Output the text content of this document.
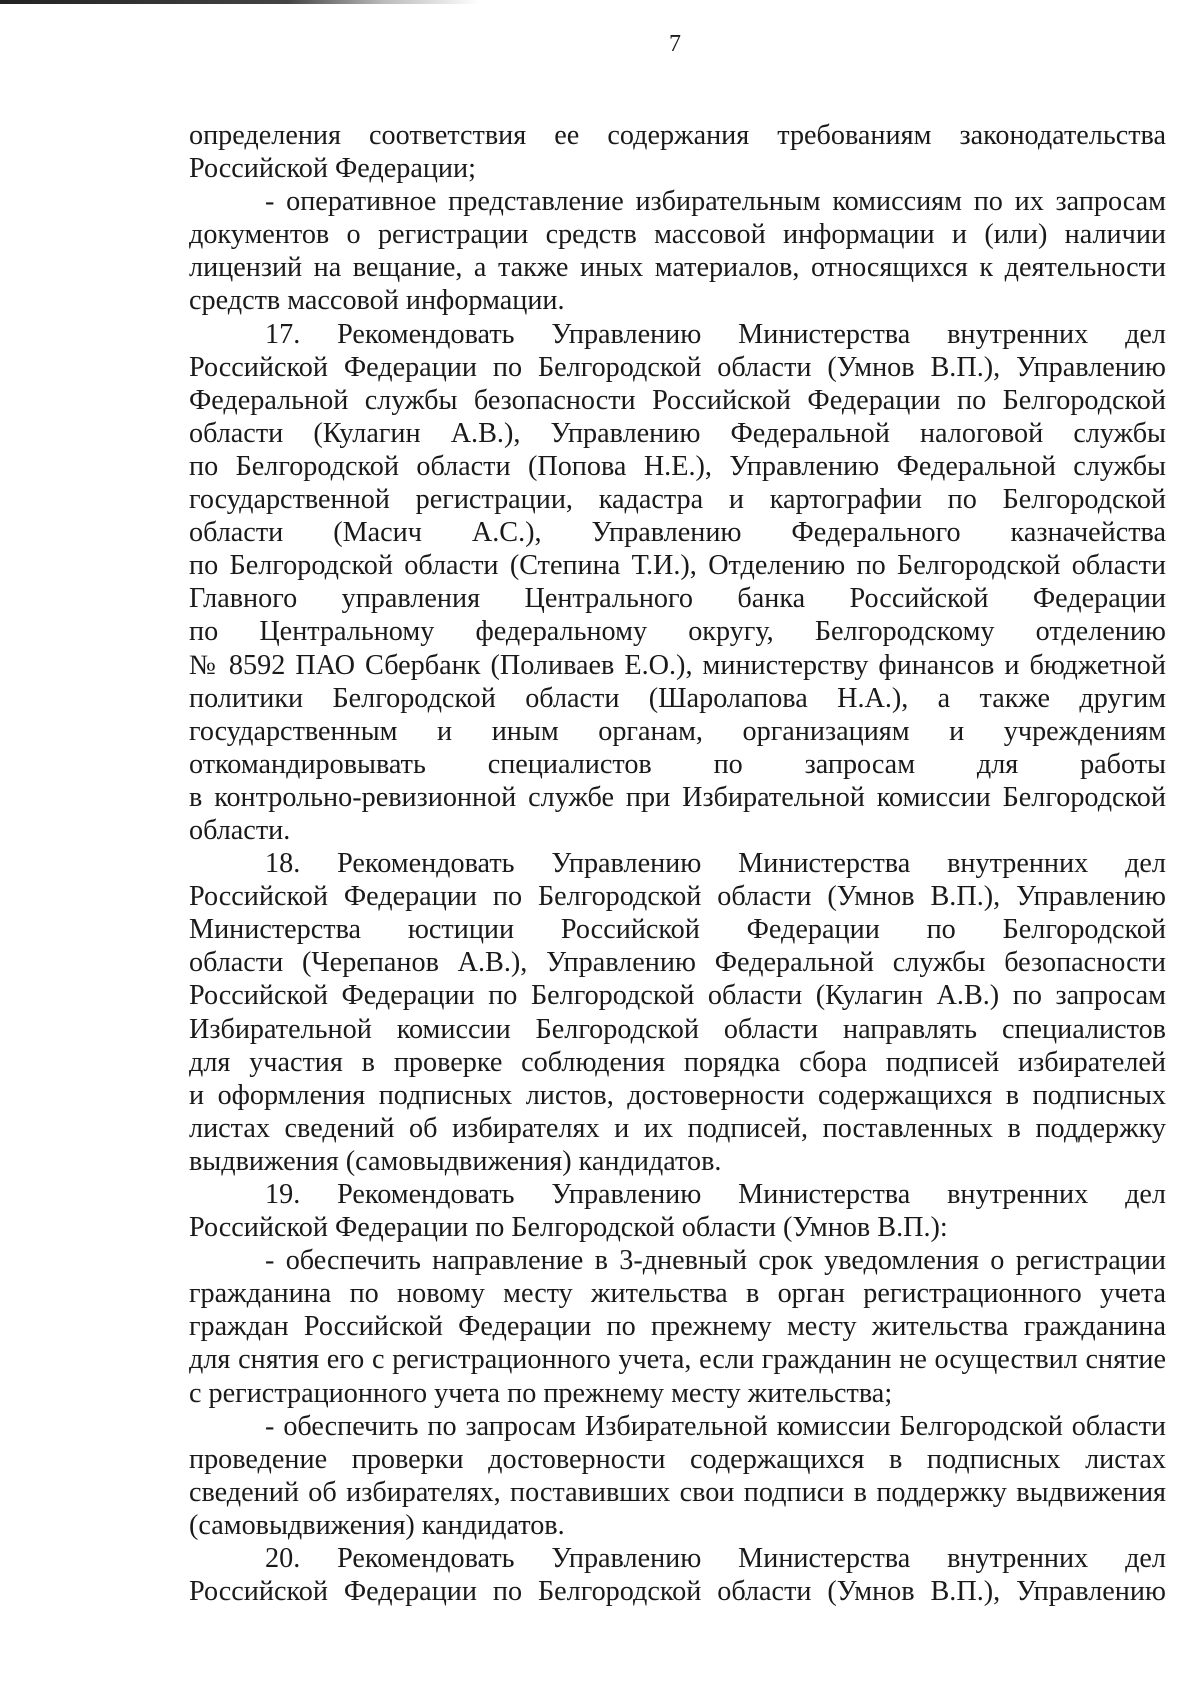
7
определения соответствия ее содержания требованиям законодательства
Российской Федерации;
- оперативное представление избирательным комиссиям по их запросам
документов о регистрации средств массовой информации и (или) наличии
лицензий на вещание, а также иных материалов, относящихся к деятельности
средств массовой информации.
17. Рекомендовать Управлению Министерства внутренних дел
Российской Федерации по Белгородской области (Умнов В.П.), Управлению
Федеральной службы безопасности Российской Федерации по Белгородской
области (Кулагин А.В.), Управлению Федеральной налоговой службы
по Белгородской области (Попова Н.Е.), Управлению Федеральной службы
государственной регистрации, кадастра и картографии по Белгородской
области (Масич А.С.), Управлению Федерального казначейства
по Белгородской области (Степина Т.И.), Отделению по Белгородской области
Главного управления Центрального банка Российской Федерации
по Центральному федеральному округу, Белгородскому отделению
№ 8592 ПАО Сбербанк (Поливаев Е.О.), министерству финансов и бюджетной
политики Белгородской области (Шаролапова Н.А.), а также другим
государственным и иным органам, организациям и учреждениям
откомандировывать специалистов по запросам для работы
в контрольно-ревизионной службе при Избирательной комиссии Белгородской
области.
18. Рекомендовать Управлению Министерства внутренних дел
Российской Федерации по Белгородской области (Умнов В.П.), Управлению
Министерства юстиции Российской Федерации по Белгородской
области (Черепанов А.В.), Управлению Федеральной службы безопасности
Российской Федерации по Белгородской области (Кулагин А.В.) по запросам
Избирательной комиссии Белгородской области направлять специалистов
для участия в проверке соблюдения порядка сбора подписей избирателей
и оформления подписных листов, достоверности содержащихся в подписных
листах сведений об избирателях и их подписей, поставленных в поддержку
выдвижения (самовыдвижения) кандидатов.
19. Рекомендовать Управлению Министерства внутренних дел
Российской Федерации по Белгородской области (Умнов В.П.):
- обеспечить направление в 3-дневный срок уведомления о регистрации
гражданина по новому месту жительства в орган регистрационного учета
граждан Российской Федерации по прежнему месту жительства гражданина
для снятия его с регистрационного учета, если гражданин не осуществил снятие
с регистрационного учета по прежнему месту жительства;
- обеспечить по запросам Избирательной комиссии Белгородской области
проведение проверки достоверности содержащихся в подписных листах
сведений об избирателях, поставивших свои подписи в поддержку выдвижения
(самовыдвижения) кандидатов.
20. Рекомендовать Управлению Министерства внутренних дел
Российской Федерации по Белгородской области (Умнов В.П.), Управлению
